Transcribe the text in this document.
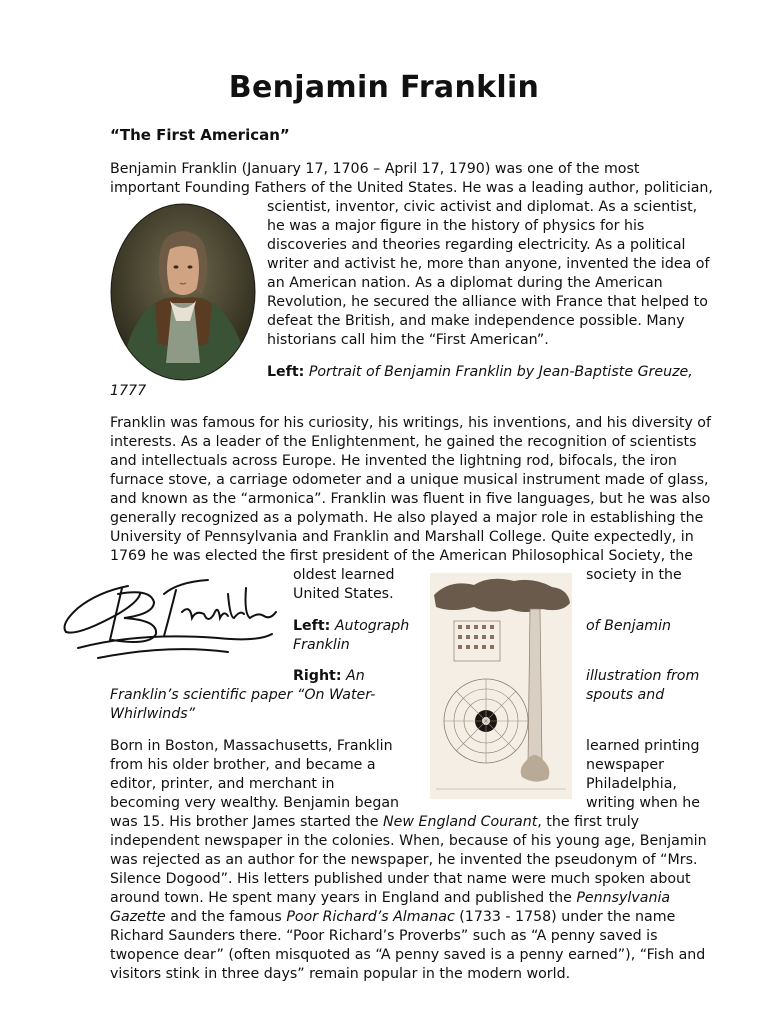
Benjamin Franklin
“The First American”
Benjamin Franklin (January 17, 1706 – April 17, 1790) was one of the most
important Founding Fathers of the United States. He was a leading author, politician,
scientist, inventor, civic activist and diplomat. As a scientist,
he was a major figure in the history of physics for his
discoveries and theories regarding electricity. As a political
writer and activist he, more than anyone, invented the idea of
an American nation. As a diplomat during the American
Revolution, he secured the alliance with France that helped to
defeat the British, and make independence possible. Many
historians call him the “First American”.
Left: Portrait of Benjamin Franklin by Jean-Baptiste Greuze,
1777
Franklin was famous for his curiosity, his writings, his inventions, and his diversity of
interests. As a leader of the Enlightenment, he gained the recognition of scientists
and intellectuals across Europe. He invented the lightning rod, bifocals, the iron
furnace stove, a carriage odometer and a unique musical instrument made of glass,
and known as the “armonica”. Franklin was fluent in five languages, but he was also
generally recognized as a polymath. He also played a major role in establishing the
University of Pennsylvania and Franklin and Marshall College. Quite expectedly, in
1769 he was elected the first president of the American Philosophical Society, the
oldest learned	society in the
United States.
Left: Autograph	of Benjamin
Franklin
Right: An	illustration from
Franklin’s scientific paper “On Water-	spouts and
Whirlwinds”
Born in Boston, Massachusetts, Franklin	learned printing
from his older brother, and became a	newspaper
editor, printer, and merchant in	Philadelphia,
becoming very wealthy. Benjamin began	writing when he
was 15. His brother James started the New England Courant, the first truly
independent newspaper in the colonies. When, because of his young age, Benjamin
was rejected as an author for the newspaper, he invented the pseudonym of “Mrs.
Silence Dogood”. His letters published under that name were much spoken about
around town. He spent many years in England and published the Pennsylvania
Gazette and the famous Poor Richard’s Almanac (1733 - 1758) under the name
Richard Saunders there. “Poor Richard’s Proverbs” such as “A penny saved is
twopence dear” (often misquoted as “A penny saved is a penny earned”), “Fish and
visitors stink in three days” remain popular in the modern world.
